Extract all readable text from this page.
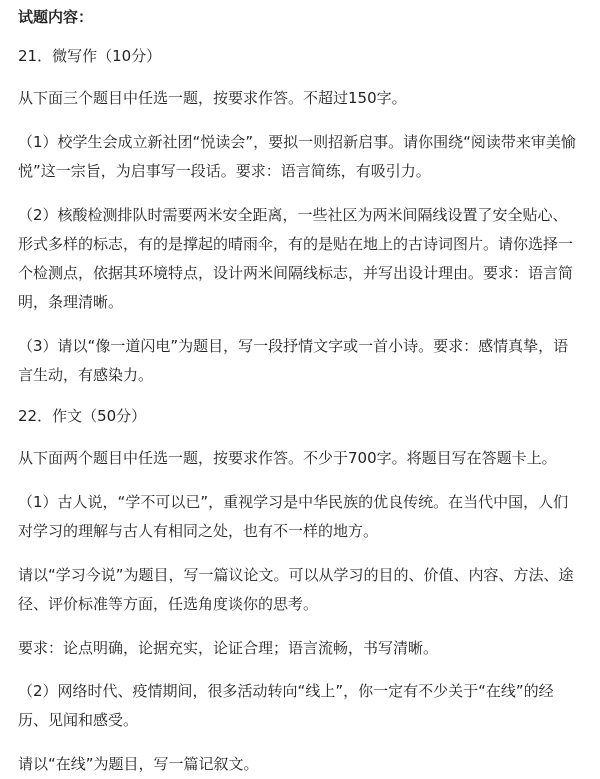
试题内容：
21．微写作（10分）
从下面三个题目中任选一题，按要求作答。不超过150字。
（1）校学生会成立新社团“悦读会”，要拟一则招新启事。请你围绕“阅读带来审美愉悦”这一宗旨，为启事写一段话。要求：语言简练，有吸引力。
（2）核酸检测排队时需要两米安全距离，一些社区为两米间隔线设置了安全贴心、形式多样的标志，有的是撑起的晴雨伞，有的是贴在地上的古诗词图片。请你选择一个检测点，依据其环境特点，设计两米间隔线标志，并写出设计理由。要求：语言简明，条理清晰。
（3）请以“像一道闪电”为题目，写一段抒情文字或一首小诗。要求：感情真挚，语言生动，有感染力。
22．作文（50分）
从下面两个题目中任选一题，按要求作答。不少于700字。将题目写在答题卡上。
（1）古人说，“学不可以已”，重视学习是中华民族的优良传统。在当代中国，人们对学习的理解与古人有相同之处，也有不一样的地方。
请以“学习今说”为题目，写一篇议论文。可以从学习的目的、价值、内容、方法、途径、评价标准等方面，任选角度谈你的思考。
要求：论点明确，论据充实，论证合理；语言流畅，书写清晰。
（2）网络时代、疫情期间，很多活动转向“线上”，你一定有不少关于“在线”的经历、见闻和感受。
请以“在线”为题目，写一篇记叙文。
